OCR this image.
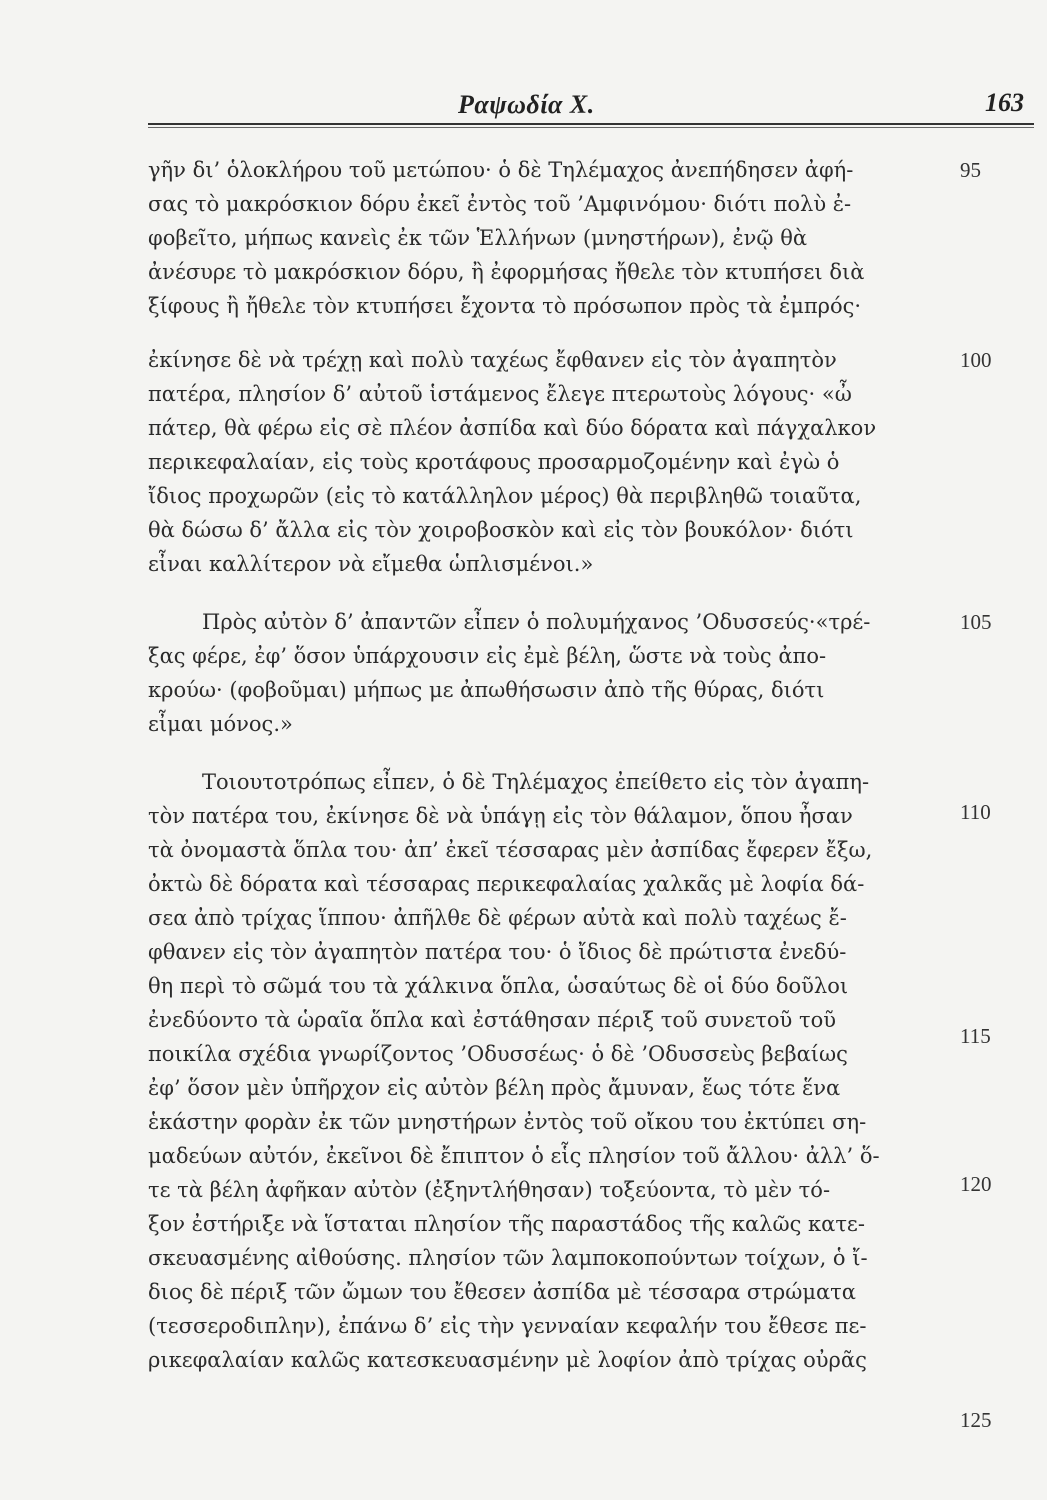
Ραψωδία Χ.	163
γῆν δι’ ὁλοκλήρου τοῦ μετώπου· ὁ δὲ Τηλέμαχος ἀνεπήδησεν ἀφή-
σας τὸ μακρόσκιον δόρυ ἐκεῖ ἐντὸς τοῦ ’Αμφινόμου· διότι πολὺ ἐ-
φοβεῖτο, μήπως κανεὶς ἐκ τῶν Ἑλλήνων (μνηστήρων), ἐνῷ θὰ
ἀνέσυρε τὸ μακρόσκιον δόρυ, ἢ ἐφορμήσας ἤθελε τὸν κτυπήσει διὰ
ξίφους ἢ ἤθελε τὸν κτυπήσει ἔχοντα τὸ πρόσωπον πρὸς τὰ ἐμπρός·
ἐκίνησε δὲ νὰ τρέχῃ καὶ πολὺ ταχέως ἔφθανεν εἰς τὸν ἀγαπητὸν
πατέρα, πλησίον δ’ αὐτοῦ ἱστάμενος ἔλεγε πτερωτοὺς λόγους· «ὦ
πάτερ, θὰ φέρω εἰς σὲ πλέον ἀσπίδα καὶ δύο δόρατα καὶ πάγχαλκον
περικεφαλαίαν, εἰς τοὺς κροτάφους προσαρμοζομένην καὶ ἐγὼ ὁ
ἴδιος προχωρῶν (εἰς τὸ κατάλληλον μέρος) θὰ περιβληθῶ τοιαῦτα,
θὰ δώσω δ’ ἄλλα εἰς τὸν χοιροβοσκὸν καὶ εἰς τὸν βουκόλον· διότι
εἶναι καλλίτερον νὰ εἴμεθα ὡπλισμένοι.»
Πρὸς αὐτὸν δ’ ἀπαντῶν εἶπεν ὁ πολυμήχανος ’Οδυσσεύς·«τρέ-
ξας φέρε, ἐφ’ ὅσον ὑπάρχουσιν εἰς ἐμὲ βέλη, ὥστε νὰ τοὺς ἀπο-
κρούω· (φοβοῦμαι) μήπως με ἀπωθήσωσιν ἀπὸ τῆς θύρας, διότι
εἶμαι μόνος.»
Τοιουτοτρόπως εἶπεν, ὁ δὲ Τηλέμαχος ἐπείθετο εἰς τὸν ἀγαπη-
τὸν πατέρα του, ἐκίνησε δὲ νὰ ὑπάγῃ εἰς τὸν θάλαμον, ὅπου ἦσαν
τὰ ὀνομαστὰ ὅπλα του· ἀπ’ ἐκεῖ τέσσαρας μὲν ἀσπίδας ἔφερεν ἔξω,
ὀκτὼ δὲ δόρατα καὶ τέσσαρας περικεφαλαίας χαλκᾶς μὲ λοφία δά-
σεα ἀπὸ τρίχας ἵππου· ἀπῆλθε δὲ φέρων αὐτὰ καὶ πολὺ ταχέως ἔ-
φθανεν εἰς τὸν ἀγαπητὸν πατέρα του· ὁ ἴδιος δὲ πρώτιστα ἐνεδύ-
θη περὶ τὸ σῶμά του τὰ χάλκινα ὅπλα, ὡσαύτως δὲ οἱ δύο δοῦλοι
ἐνεδύοντο τὰ ὡραῖα ὅπλα καὶ ἐστάθησαν πέριξ τοῦ συνετοῦ τοῦ
ποικίλα σχέδια γνωρίζοντος ’Οδυσσέως· ὁ δὲ ’Οδυσσεὺς βεβαίως
ἐφ’ ὅσον μὲν ὑπῆρχον εἰς αὐτὸν βέλη πρὸς ἄμυναν, ἕως τότε ἕνα
ἑκάστην φορὰν ἐκ τῶν μνηστήρων ἐντὸς τοῦ οἴκου του ἐκτύπει ση-
μαδεύων αὐτόν, ἐκεῖνοι δὲ ἔπιπτον ὁ εἷς πλησίον τοῦ ἄλλου· ἀλλ’ ὅ-
τε τὰ βέλη ἀφῆκαν αὐτὸν (ἐξηντλήθησαν) τοξεύοντα, τὸ μὲν τό-
ξον ἐστήριξε νὰ ἵσταται πλησίον τῆς παραστάδος τῆς καλῶς κατε-
σκευασμένης αἰθούσης. πλησίον τῶν λαμποκοπούντων τοίχων, ὁ ἴ-
διος δὲ πέριξ τῶν ὤμων του ἔθεσεν ἀσπίδα μὲ τέσσαρα στρώματα
(τεσσεροδιπλην), ἐπάνω δ’ εἰς τὴν γενναίαν κεφαλήν του ἔθεσε πε-
ρικεφαλαίαν καλῶς κατεσκευασμένην μὲ λοφίον ἀπὸ τρίχας οὐρᾶς
95
100
105
110
115
120
125
